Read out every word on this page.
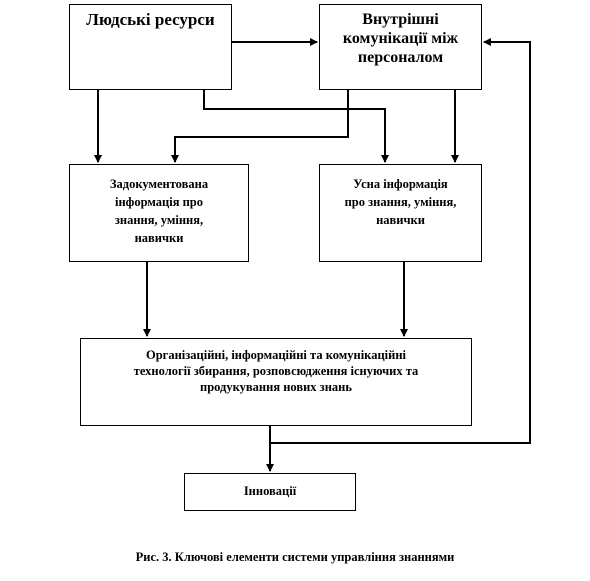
Людські ресурси	Внутрішні
комунікації між
персоналом
Задокументована
інформація про
знання, уміння,
навички
Усна інформація
про знання, уміння,
навички
Організаційні, інформаційні та комунікаційні
технології збирання, розповсюдження існуючих та
продукування нових знань
Інновації
Рис. 3. Ключові елементи системи управління знаннями
